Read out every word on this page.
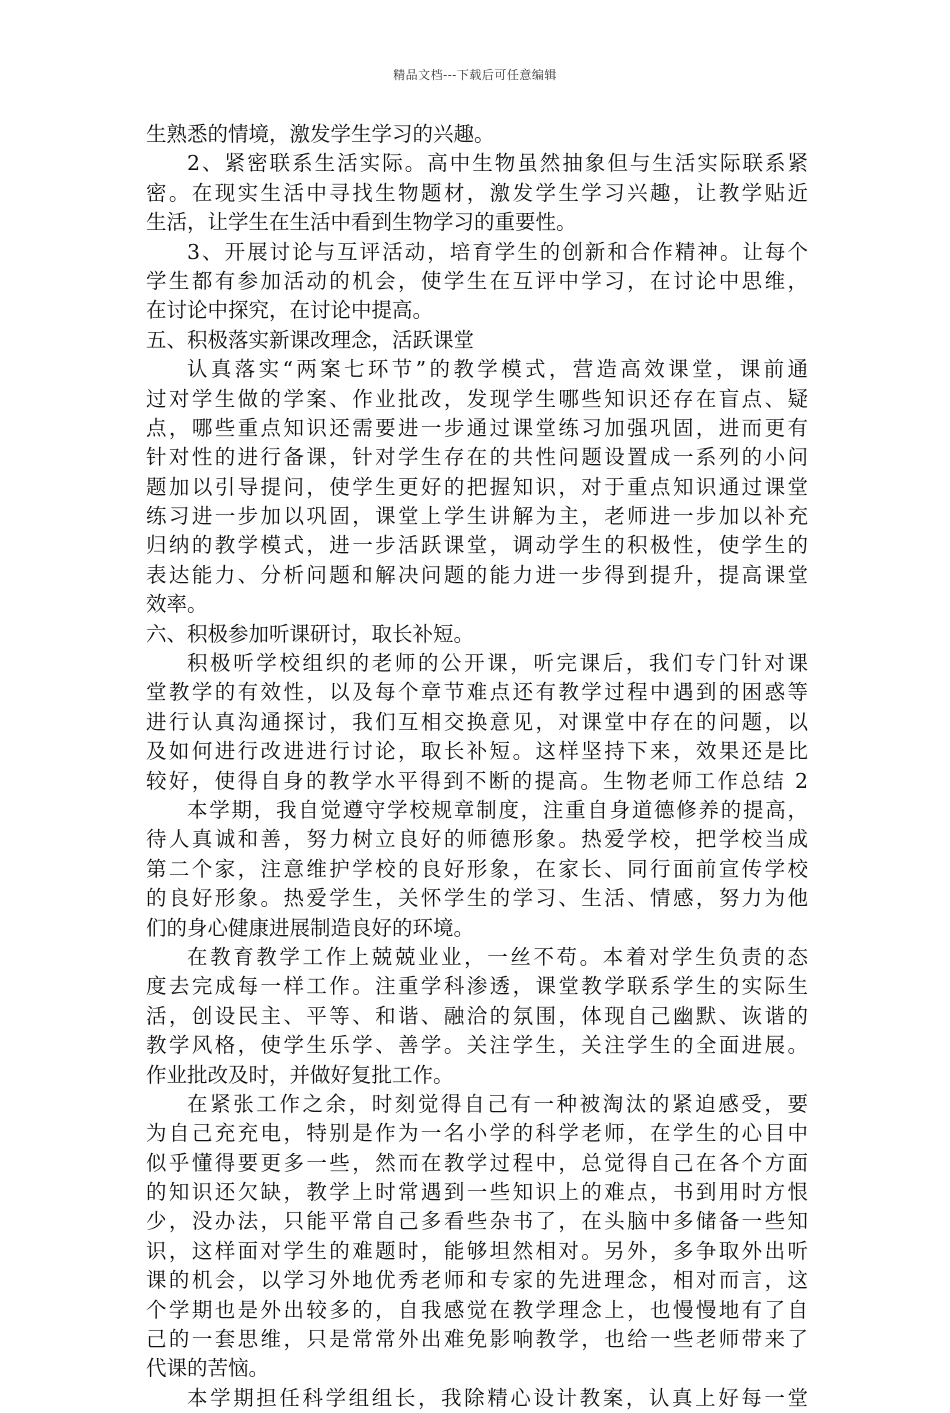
精品文档---下载后可任意编辑
生熟悉的情境，激发学生学习的兴趣。
2、紧密联系生活实际。高中生物虽然抽象但与生活实际联系紧
密。在现实生活中寻找生物题材，激发学生学习兴趣，让教学贴近
生活，让学生在生活中看到生物学习的重要性。
3、开展讨论与互评活动，培育学生的创新和合作精神。让每个
学生都有参加活动的机会，使学生在互评中学习，在讨论中思维，
在讨论中探究，在讨论中提高。
五、积极落实新课改理念，活跃课堂
认真落实“两案七环节”的教学模式，营造高效课堂，课前通
过对学生做的学案、作业批改，发现学生哪些知识还存在盲点、疑
点，哪些重点知识还需要进一步通过课堂练习加强巩固，进而更有
针对性的进行备课，针对学生存在的共性问题设置成一系列的小问
题加以引导提问，使学生更好的把握知识，对于重点知识通过课堂
练习进一步加以巩固，课堂上学生讲解为主，老师进一步加以补充
归纳的教学模式，进一步活跃课堂，调动学生的积极性，使学生的
表达能力、分析问题和解决问题的能力进一步得到提升，提高课堂
效率。
六、积极参加听课研讨，取长补短。
积极听学校组织的老师的公开课，听完课后，我们专门针对课
堂教学的有效性，以及每个章节难点还有教学过程中遇到的困惑等
进行认真沟通探讨，我们互相交换意见，对课堂中存在的问题，以
及如何进行改进进行讨论，取长补短。这样坚持下来，效果还是比
较好，使得自身的教学水平得到不断的提高。生物老师工作总结 2
本学期，我自觉遵守学校规章制度，注重自身道德修养的提高，
待人真诚和善，努力树立良好的师德形象。热爱学校，把学校当成
第二个家，注意维护学校的良好形象，在家长、同行面前宣传学校
的良好形象。热爱学生，关怀学生的学习、生活、情感，努力为他
们的身心健康进展制造良好的环境。
在教育教学工作上兢兢业业，一丝不苟。本着对学生负责的态
度去完成每一样工作。注重学科渗透，课堂教学联系学生的实际生
活，创设民主、平等、和谐、融洽的氛围，体现自己幽默、诙谐的
教学风格，使学生乐学、善学。关注学生，关注学生的全面进展。
作业批改及时，并做好复批工作。
在紧张工作之余，时刻觉得自己有一种被淘汰的紧迫感受，要
为自己充充电，特别是作为一名小学的科学老师，在学生的心目中
似乎懂得要更多一些，然而在教学过程中，总觉得自己在各个方面
的知识还欠缺，教学上时常遇到一些知识上的难点，书到用时方恨
少，没办法，只能平常自己多看些杂书了，在头脑中多储备一些知
识，这样面对学生的难题时，能够坦然相对。另外，多争取外出听
课的机会，以学习外地优秀老师和专家的先进理念，相对而言，这
个学期也是外出较多的，自我感觉在教学理念上，也慢慢地有了自
己的一套思维，只是常常外出难免影响教学，也给一些老师带来了
代课的苦恼。
本学期担任科学组组长，我除精心设计教案，认真上好每一堂
